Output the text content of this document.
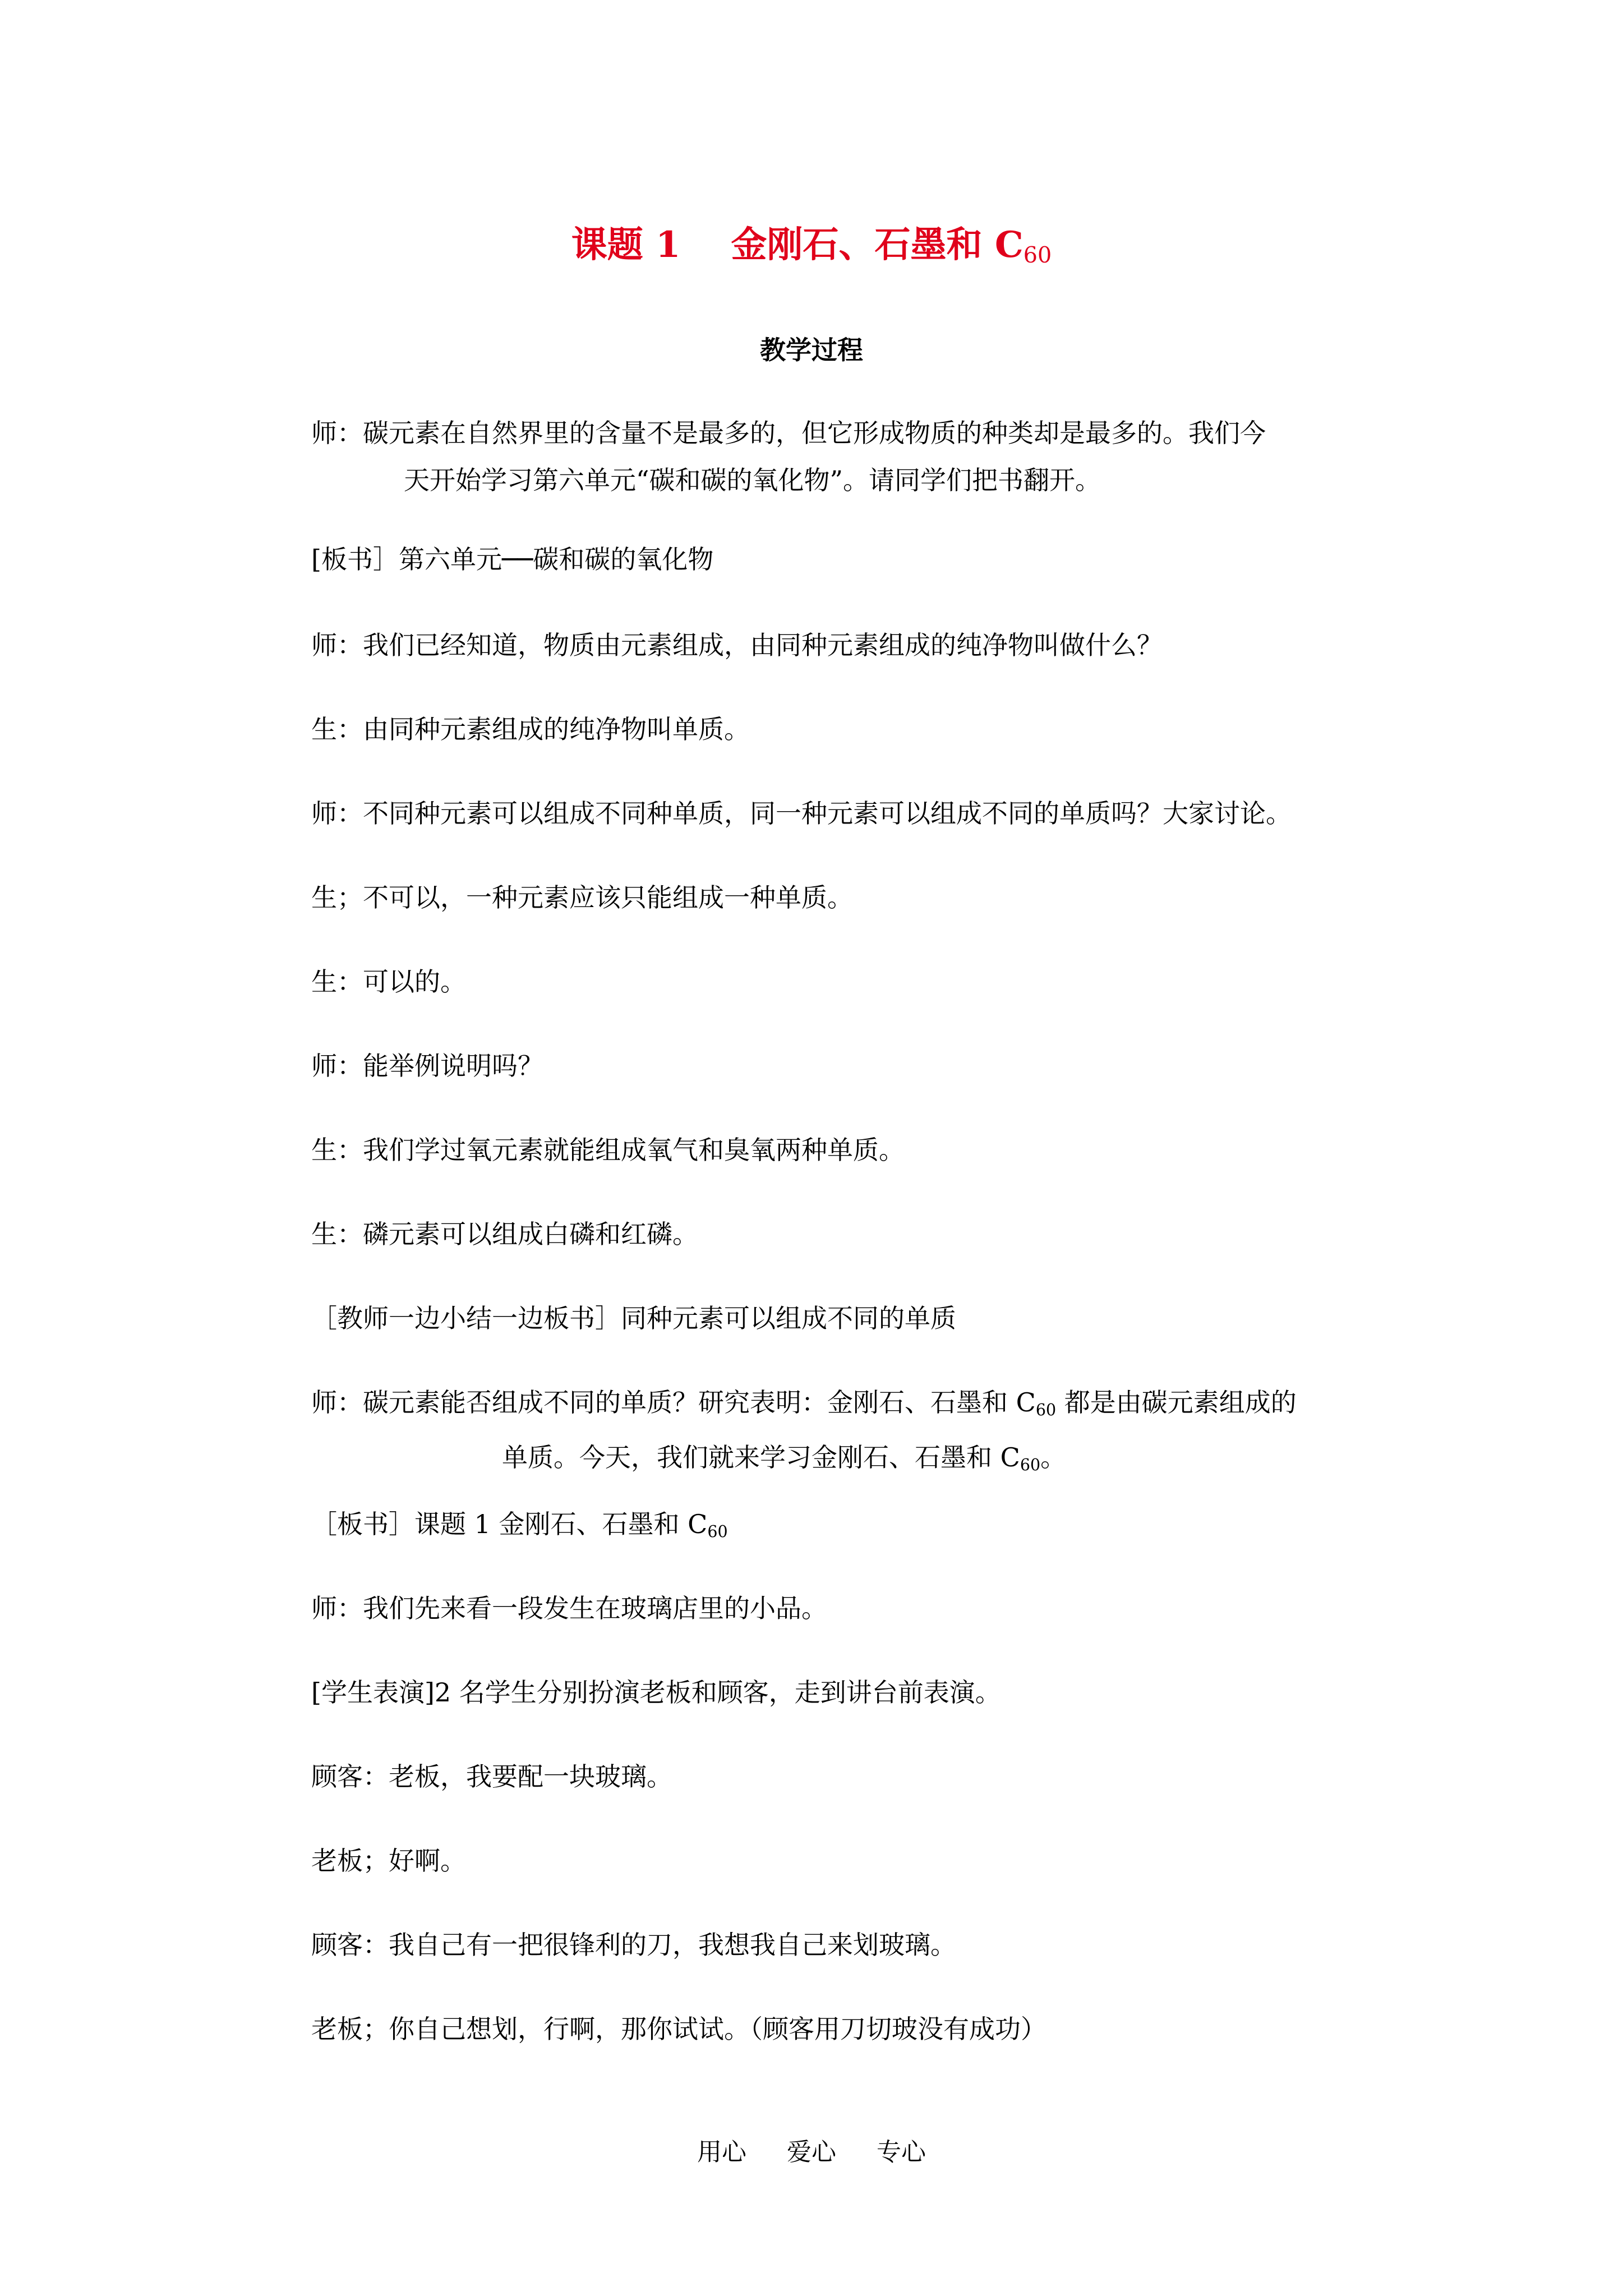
课题 1 金刚石、石墨和 $C_{60}$
教学过程
师：碳元素在自然界里的含量不是最多的，但它形成物质的种类却是最多的。我们今
天开始学习第六单元“碳和碳的氧化物”。请同学们把书翻开。
[板书］第六单元──碳和碳的氧化物
师：我们已经知道，物质由元素组成，由同种元素组成的纯净物叫做什么？
生：由同种元素组成的纯净物叫单质。
师：不同种元素可以组成不同种单质，同一种元素可以组成不同的单质吗？大家讨论。
生；不可以，一种元素应该只能组成一种单质。
生：可以的。
师：能举例说明吗？
生：我们学过氧元素就能组成氧气和臭氧两种单质。
生：磷元素可以组成白磷和红磷。
［教师一边小结一边板书］同种元素可以组成不同的单质
师：碳元素能否组成不同的单质？研究表明：金刚石、石墨和 $C_{60}$ 都是由碳元素组成的
单质。今天，我们就来学习金刚石、石墨和 $C_{60}$。
［板书］课题 1 金刚石、石墨和 $C_{60}$
师：我们先来看一段发生在玻璃店里的小品。
[学生表演]2 名学生分别扮演老板和顾客，走到讲台前表演。
顾客：老板，我要配一块玻璃。
老板；好啊。
顾客：我自己有一把很锋利的刀，我想我自己来划玻璃。
老板；你自己想划，行啊，那你试试。（顾客用刀切玻没有成功）
用心 爱心 专心
